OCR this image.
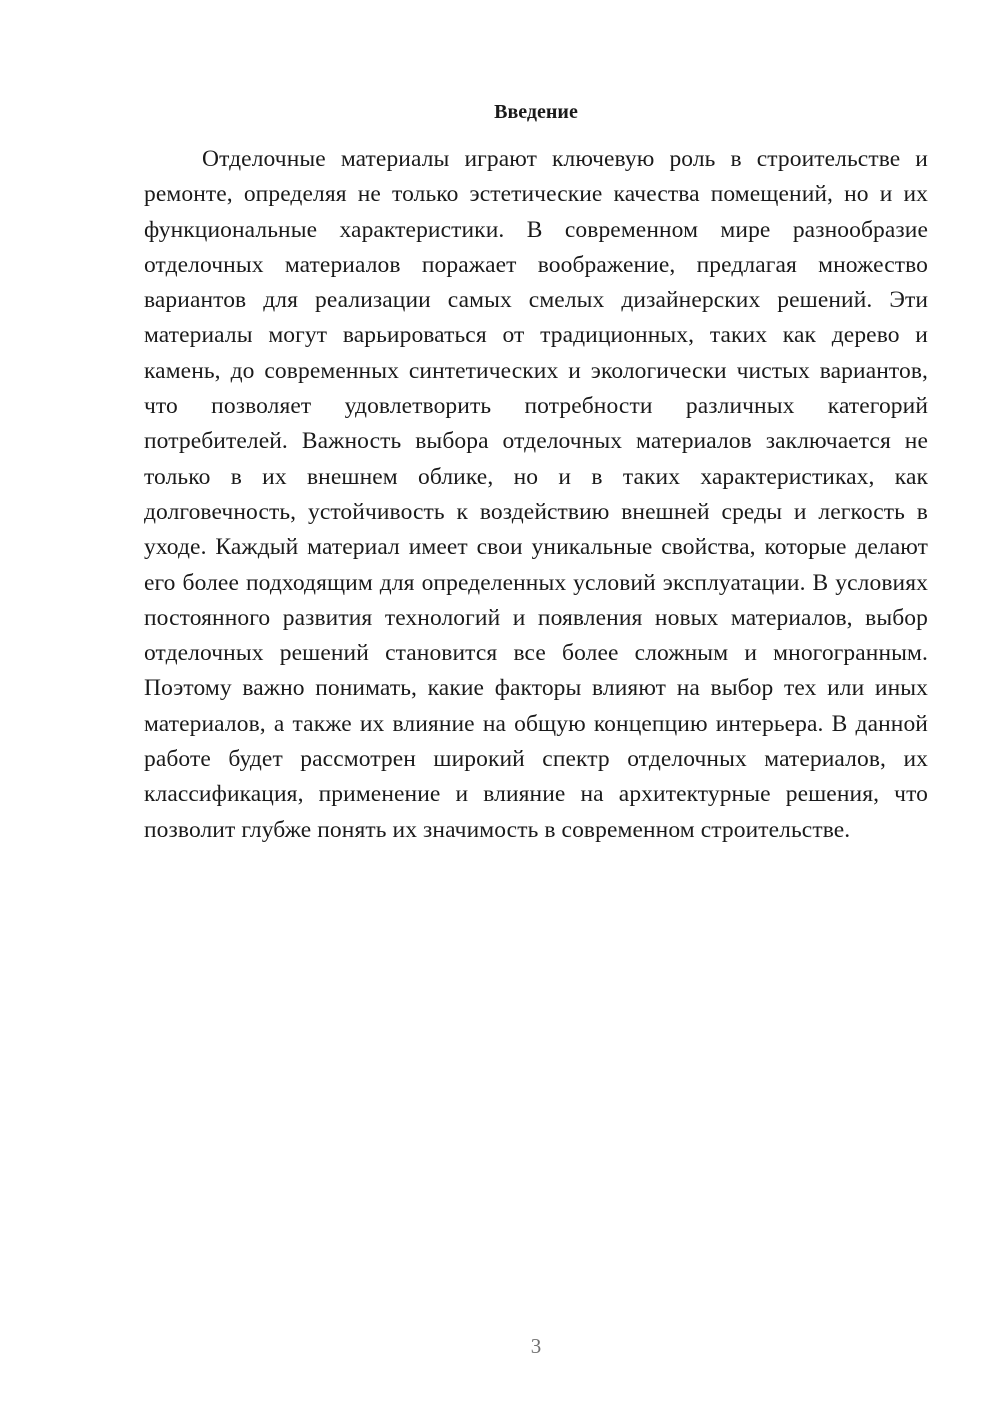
Введение

Отделочные материалы играют ключевую роль в строительстве и ремонте, определяя не только эстетические качества помещений, но и их функциональные характеристики. В современном мире разнообразие отделочных материалов поражает воображение, предлагая множество вариантов для реализации самых смелых дизайнерских решений. Эти материалы могут варьироваться от традиционных, таких как дерево и камень, до современных синтетических и экологически чистых вариантов, что позволяет удовлетворить потребности различных категорий потребителей. Важность выбора отделочных материалов заключается не только в их внешнем облике, но и в таких характеристиках, как долговечность, устойчивость к воздействию внешней среды и легкость в уходе. Каждый материал имеет свои уникальные свойства, которые делают его более подходящим для определенных условий эксплуатации. В условиях постоянного развития технологий и появления новых материалов, выбор отделочных решений становится все более сложным и многогранным. Поэтому важно понимать, какие факторы влияют на выбор тех или иных материалов, а также их влияние на общую концепцию интерьера. В данной работе будет рассмотрен широкий спектр отделочных материалов, их классификация, применение и влияние на архитектурные решения, что позволит глубже понять их значимость в современном строительстве.

3
